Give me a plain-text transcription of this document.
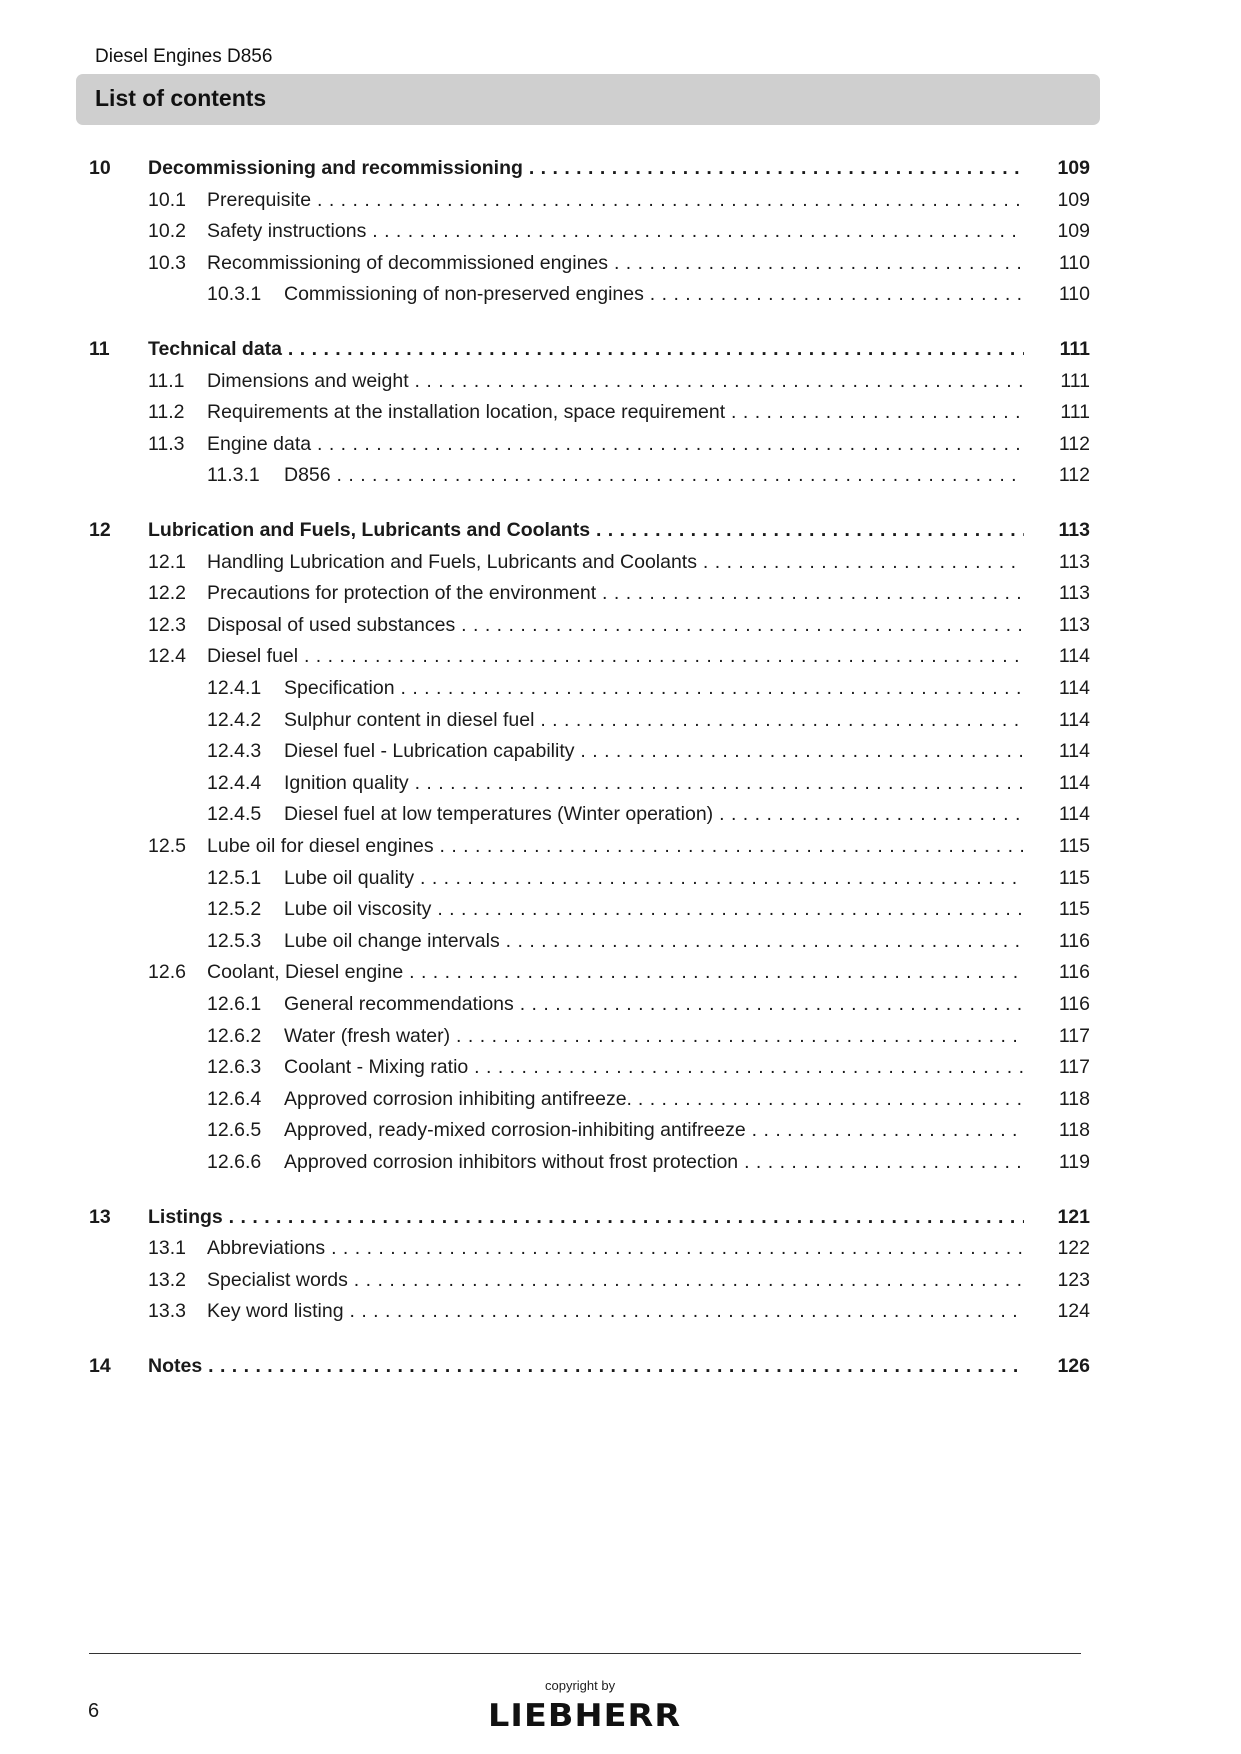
Diesel Engines D856
List of contents
10 Decommissioning and recommissioning . . .	109
10.1 Prerequisite . . .	109
10.2 Safety instructions . . .	109
10.3 Recommissioning of decommissioned engines . . .	110
10.3.1 Commissioning of non-preserved engines . . .	110
11 Technical data . . .	111
11.1 Dimensions and weight . . .	111
11.2 Requirements at the installation location, space requirement . . .	111
11.3 Engine data . . .	112
11.3.1 D856 . . .	112
12 Lubrication and Fuels, Lubricants and Coolants . . .	113
12.1 Handling Lubrication and Fuels, Lubricants and Coolants . . .	113
12.2 Precautions for protection of the environment . . .	113
12.3 Disposal of used substances . . .	113
12.4 Diesel fuel . . .	114
12.4.1 Specification . . .	114
12.4.2 Sulphur content in diesel fuel . . .	114
12.4.3 Diesel fuel - Lubrication capability . . .	114
12.4.4 Ignition quality . . .	114
12.4.5 Diesel fuel at low temperatures (Winter operation) . . .	114
12.5 Lube oil for diesel engines . . .	115
12.5.1 Lube oil quality . . .	115
12.5.2 Lube oil viscosity . . .	115
12.5.3 Lube oil change intervals . . .	116
12.6 Coolant, Diesel engine . . .	116
12.6.1 General recommendations . . .	116
12.6.2 Water (fresh water) . . .	117
12.6.3 Coolant - Mixing ratio . . .	117
12.6.4 Approved corrosion inhibiting antifreeze. . . .	118
12.6.5 Approved, ready-mixed corrosion-inhibiting antifreeze . . .	118
12.6.6 Approved corrosion inhibitors without frost protection . . .	119
13 Listings . . .	121
13.1 Abbreviations . . .	122
13.2 Specialist words . . .	123
13.3 Key word listing . . .	124
14 Notes . . .	126
6
copyright by
LIEBHERR
